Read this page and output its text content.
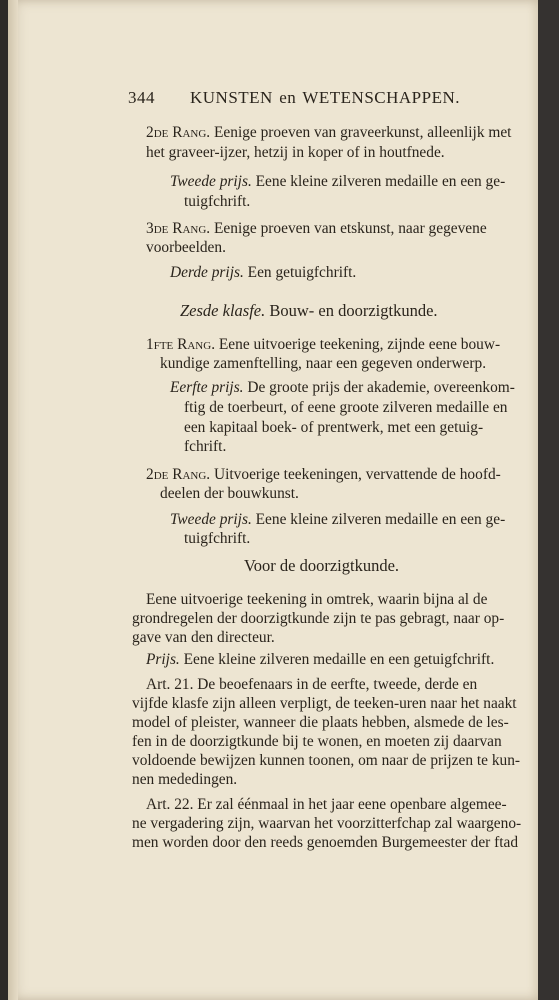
344 KUNSTEN en WETENSCHAPPEN.
2de Rang. Eenige proeven van graveerkunst, alleenlijk met
het graveer-ijzer, hetzij in koper of in houtfnede.
Tweede prijs. Eene kleine zilveren medaille en een ge-
tuigfchrift.
3de Rang. Eenige proeven van etskunst, naar gegevene
voorbeelden.
Derde prijs. Een getuigfchrift.
Zesde klasfe. Bouw- en doorzigtkunde.
1fte Rang. Eene uitvoerige teekening, zijnde eene bouw-
kundige zamenftelling, naar een gegeven onderwerp.
Eerfte prijs. De groote prijs der akademie, overeenkom-
ftig de toerbeurt, of eene groote zilveren medaille en
een kapitaal boek- of prentwerk, met een getuig-
fchrift.
2de Rang. Uitvoerige teekeningen, vervattende de hoofd-
deelen der bouwkunst.
Tweede prijs. Eene kleine zilveren medaille en een ge-
tuigfchrift.
Voor de doorzigtkunde.
Eene uitvoerige teekening in omtrek, waarin bijna al de
grondregelen der doorzigtkunde zijn te pas gebragt, naar op-
gave van den directeur.
Prijs. Eene kleine zilveren medaille en een getuigfchrift.
Art. 21. De beoefenaars in de eerfte, tweede, derde en
vijfde klasfe zijn alleen verpligt, de teeken-uren naar het naakt
model of pleister, wanneer die plaats hebben, alsmede de les-
fen in de doorzigtkunde bij te wonen, en moeten zij daarvan
voldoende bewijzen kunnen toonen, om naar de prijzen te kun-
nen mededingen.
Art. 22. Er zal éénmaal in het jaar eene openbare algemee-
ne vergadering zijn, waarvan het voorzitterfchap zal waargeno-
men worden door den reeds genoemden Burgemeester der ftad
